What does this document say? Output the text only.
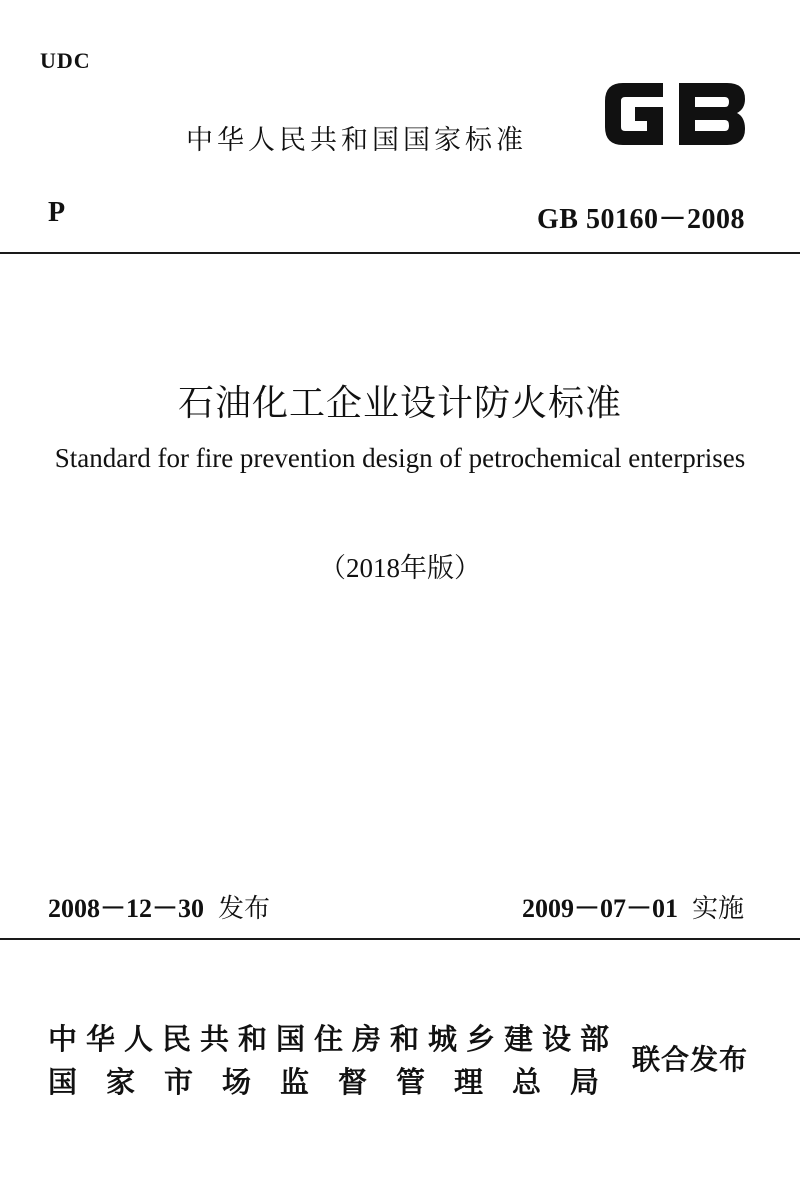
UDC
中华人民共和国国家标准
P	GB 50160－2008
石油化工企业设计防火标准
Standard for fire prevention design of petrochemical enterprises
（2018年版）
2008－12－30 发布	2009－07－01 实施
中华人民共和国住房和城乡建设部
国家市场监督管理总局
联合发布
